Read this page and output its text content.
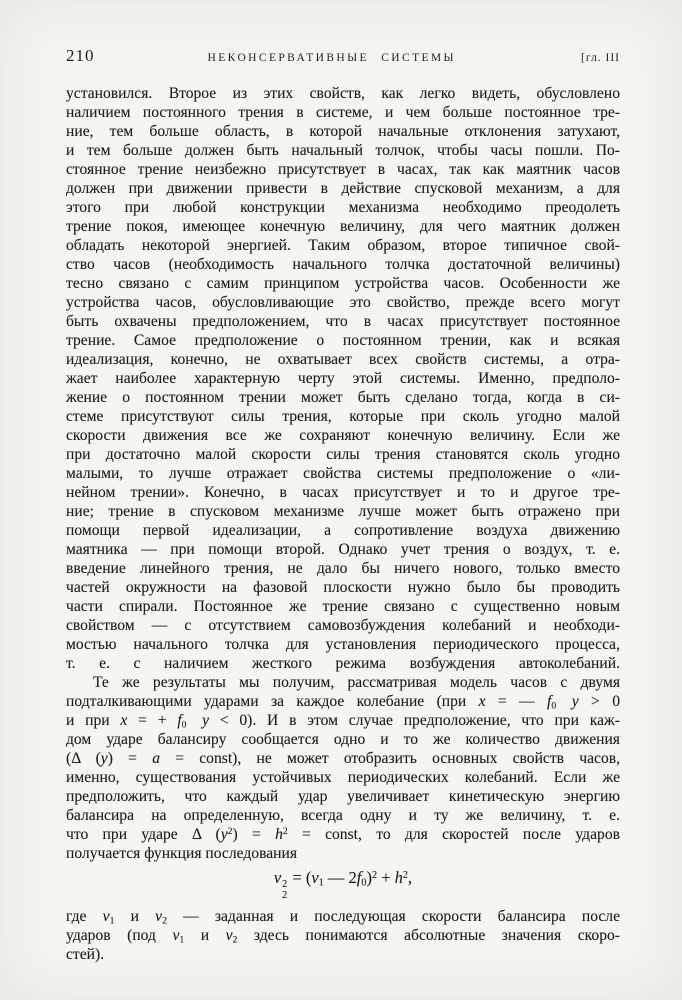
210	НЕКОНСЕРВАТИВНЫЕ СИСТЕМЫ	[гл. III
установился. Второе из этих свойств, как легко видеть, обусловлено
наличием постоянного трения в системе, и чем больше постоянное тре-
ние, тем больше область, в которой начальные отклонения затухают,
и тем больше должен быть начальный толчок, чтобы часы пошли. По-
стоянное трение неизбежно присутствует в часах, так как маятник часов
должен при движении привести в действие спусковой механизм, а для
этого при любой конструкции механизма необходимо преодолеть
трение покоя, имеющее конечную величину, для чего маятник должен
обладать некоторой энергией. Таким образом, второе типичное свой-
ство часов (необходимость начального толчка достаточной величины)
тесно связано с самим принципом устройства часов. Особенности же
устройства часов, обусловливающие это свойство, прежде всего могут
быть охвачены предположением, что в часах присутствует постоянное
трение. Самое предположение о постоянном трении, как и всякая
идеализация, конечно, не охватывает всех свойств системы, а отра-
жает наиболее характерную черту этой системы. Именно, предполо-
жение о постоянном трении может быть сделано тогда, когда в си-
стеме присутствуют силы трения, которые при сколь угодно малой
скорости движения все же сохраняют конечную величину. Если же
при достаточно малой скорости силы трения становятся сколь угодно
малыми, то лучше отражает свойства системы предположение о «ли-
нейном трении». Конечно, в часах присутствует и то и другое тре-
ние; трение в спусковом механизме лучше может быть отражено при
помощи первой идеализации, а сопротивление воздуха движению
маятника — при помощи второй. Однако учет трения о воздух, т. е.
введение линейного трения, не дало бы ничего нового, только вместо
частей окружности на фазовой плоскости нужно было бы проводить
части спирали. Постоянное же трение связано с существенно новым
свойством — с отсутствием самовозбуждения колебаний и необходи-
мостью начального толчка для установления периодического процесса,
т. е. с наличием жесткого режима возбуждения автоколебаний.
Те же результаты мы получим, рассматривая модель часов с двумя
подталкивающими ударами за каждое колебание (при x = — $f_0$   y > 0
и при x = + $f_0$   y < 0). И в этом случае предположение, что при каж-
дом ударе балансиру сообщается одно и то же количество движения
(Δ (y) = a = const), не может отобразить основных свойств часов,
именно, существования устойчивых периодических колебаний. Если же
предположить, что каждый удар увеличивает кинетическую энергию
балансира на определенную, всегда одну и ту же величину, т. е.
что при ударе Δ $(y^2) = h^2$ = const, то для скоростей после ударов
получается функция последования
v 2
2
= ($v_1$ — $2f_0)^2 + h^2$,
где $v_1$ и $v_2$ — заданная и последующая скорости балансира после
ударов (под $v_1$ и $v_2$ здесь понимаются абсолютные значения скоро-
стей).
